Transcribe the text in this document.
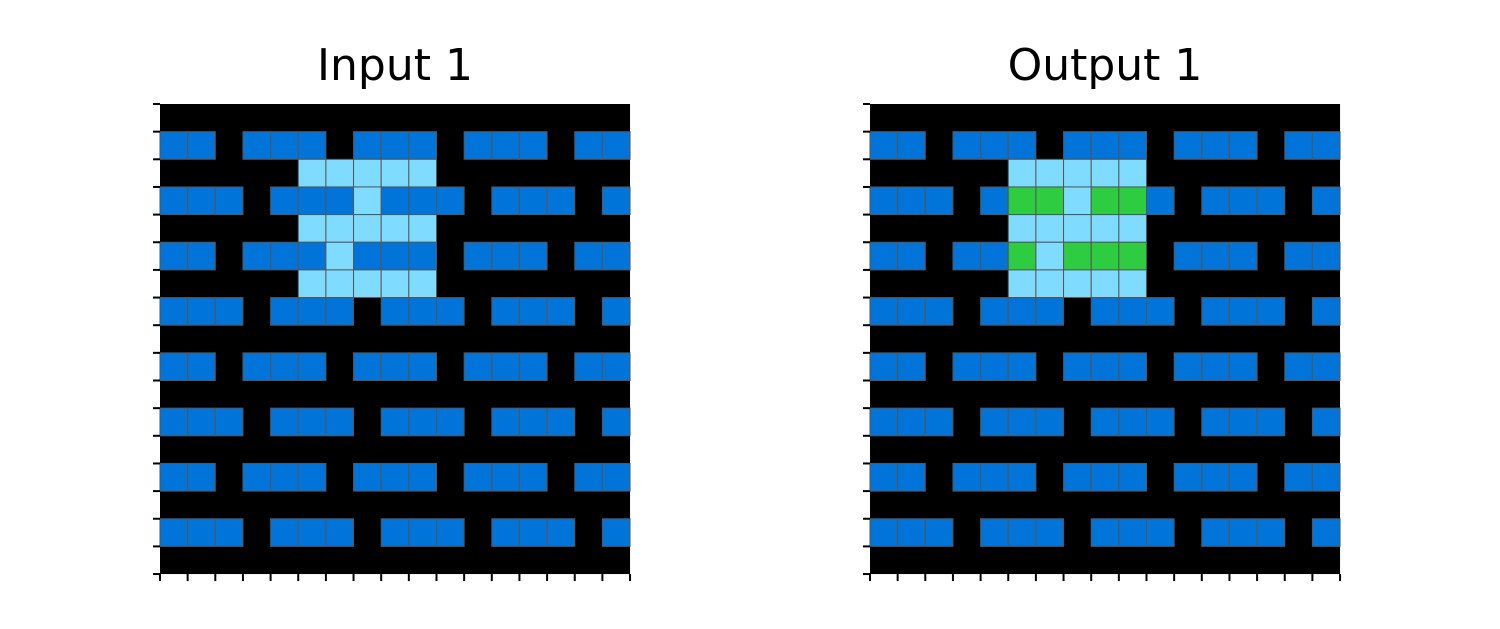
Input 1	Output 1
